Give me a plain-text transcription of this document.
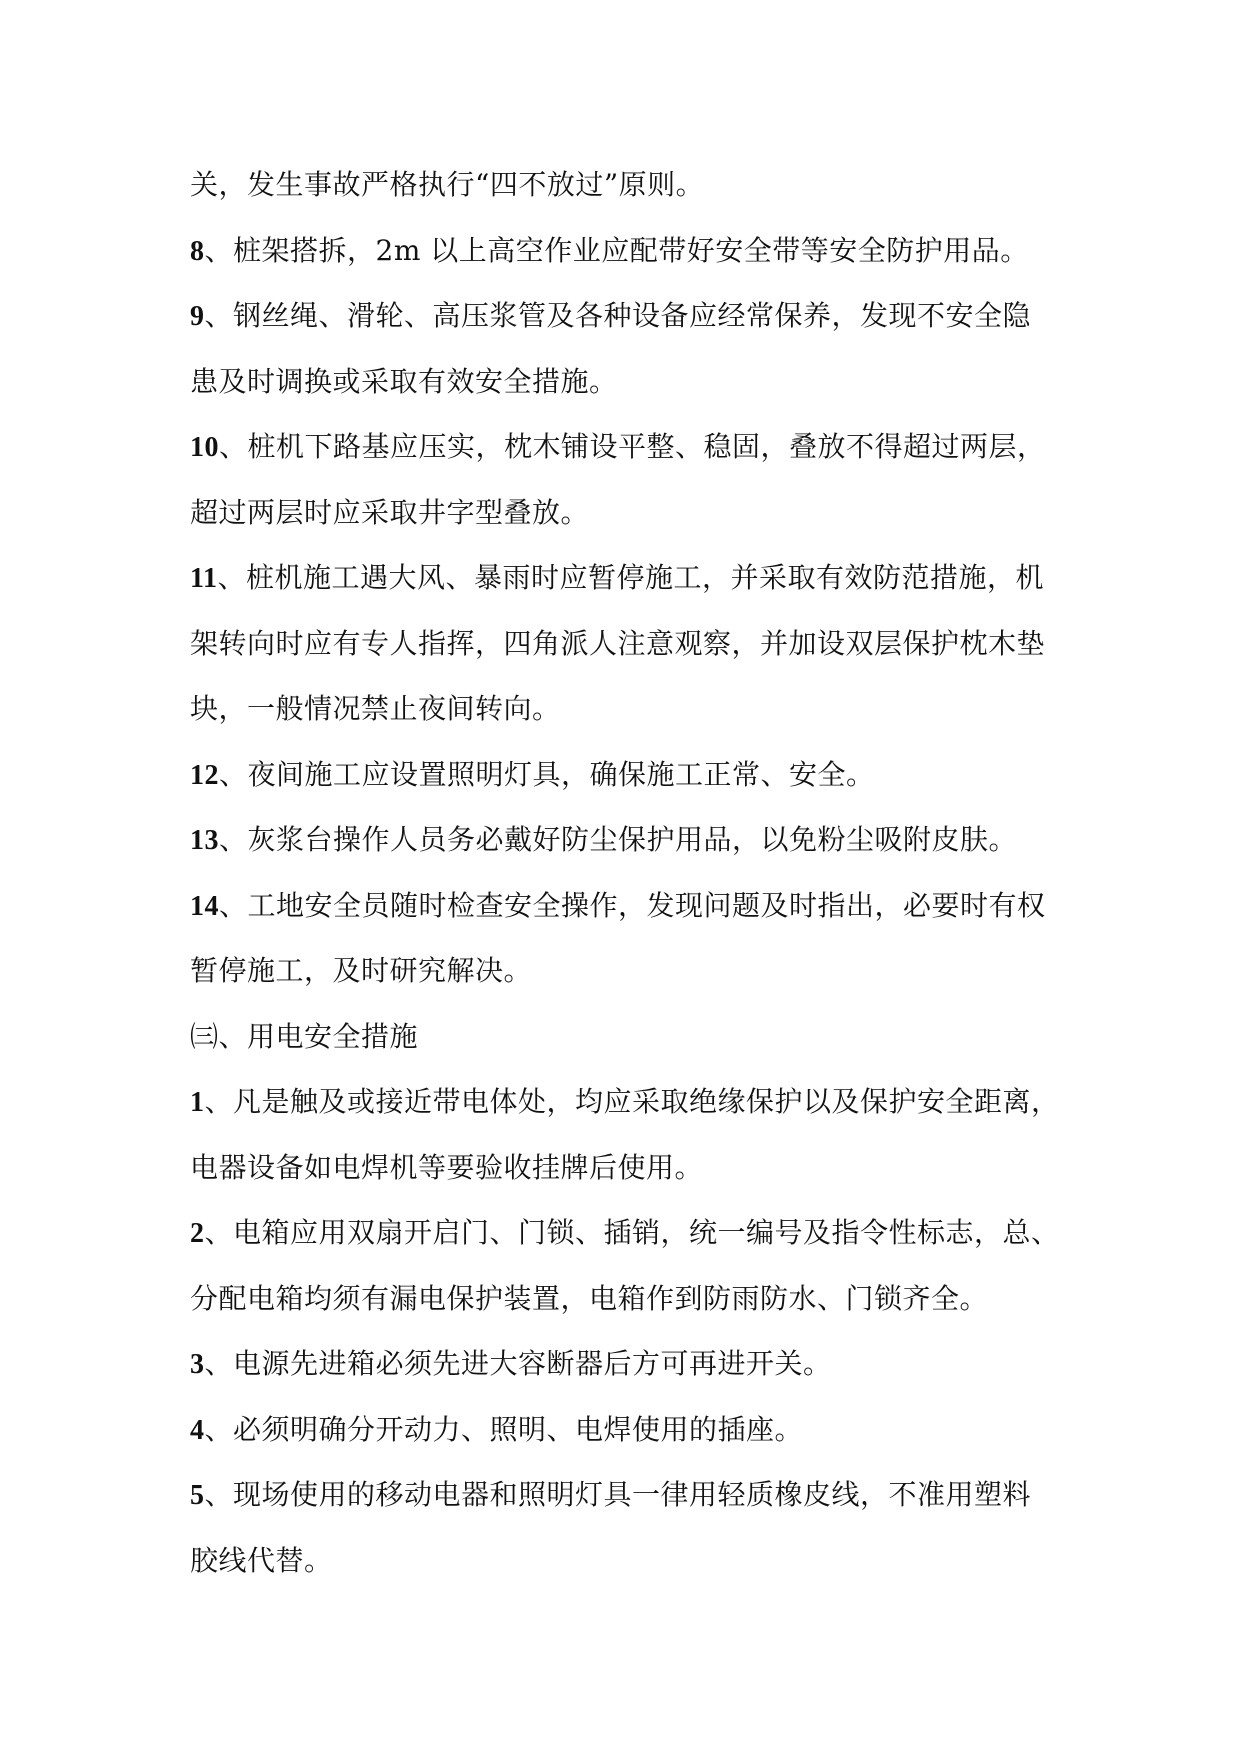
关，发生事故严格执行“四不放过”原则。
8、桩架搭拆，2m 以上高空作业应配带好安全带等安全防护用品。
9、钢丝绳、滑轮、高压浆管及各种设备应经常保养，发现不安全隐
患及时调换或采取有效安全措施。
10、桩机下路基应压实，枕木铺设平整、稳固，叠放不得超过两层，
超过两层时应采取井字型叠放。
11、桩机施工遇大风、暴雨时应暂停施工，并采取有效防范措施，机
架转向时应有专人指挥，四角派人注意观察，并加设双层保护枕木垫
块，一般情况禁止夜间转向。
12、夜间施工应设置照明灯具，确保施工正常、安全。
13、灰浆台操作人员务必戴好防尘保护用品，以免粉尘吸附皮肤。
14、工地安全员随时检查安全操作，发现问题及时指出，必要时有权
暂停施工，及时研究解决。
㈢、用电安全措施
1、凡是触及或接近带电体处，均应采取绝缘保护以及保护安全距离，
电器设备如电焊机等要验收挂牌后使用。
2、电箱应用双扇开启门、门锁、插销，统一编号及指令性标志，总、
分配电箱均须有漏电保护装置，电箱作到防雨防水、门锁齐全。
3、电源先进箱必须先进大容断器后方可再进开关。
4、必须明确分开动力、照明、电焊使用的插座。
5、现场使用的移动电器和照明灯具一律用轻质橡皮线，不准用塑料
胶线代替。
